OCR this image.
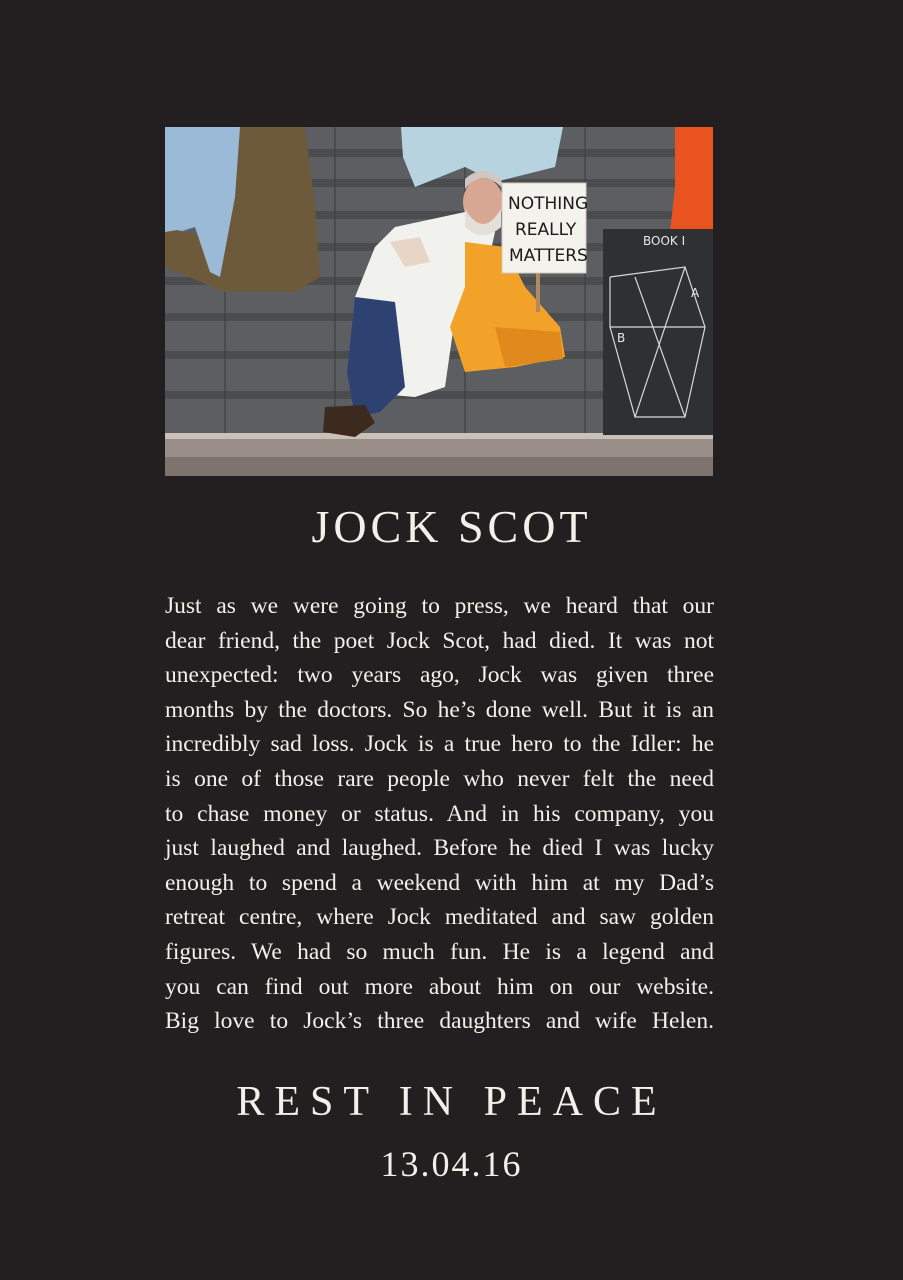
BOOK I
A
B
NOTHING
REALLY
MATTERS
JOCK SCOT

Just as we were going to press, we heard that our
dear friend, the poet Jock Scot, had died. It was not
unexpected: two years ago, Jock was given three
months by the doctors. So he’s done well. But it is an
incredibly sad loss. Jock is a true hero to the Idler: he
is one of those rare people who never felt the need
to chase money or status. And in his company, you
just laughed and laughed. Before he died I was lucky
enough to spend a weekend with him at my Dad’s
retreat centre, where Jock meditated and saw golden
figures. We had so much fun. He is a legend and
you can find out more about him on our website.
Big love to Jock’s three daughters and wife Helen.

REST IN PEACE

13.04.16
